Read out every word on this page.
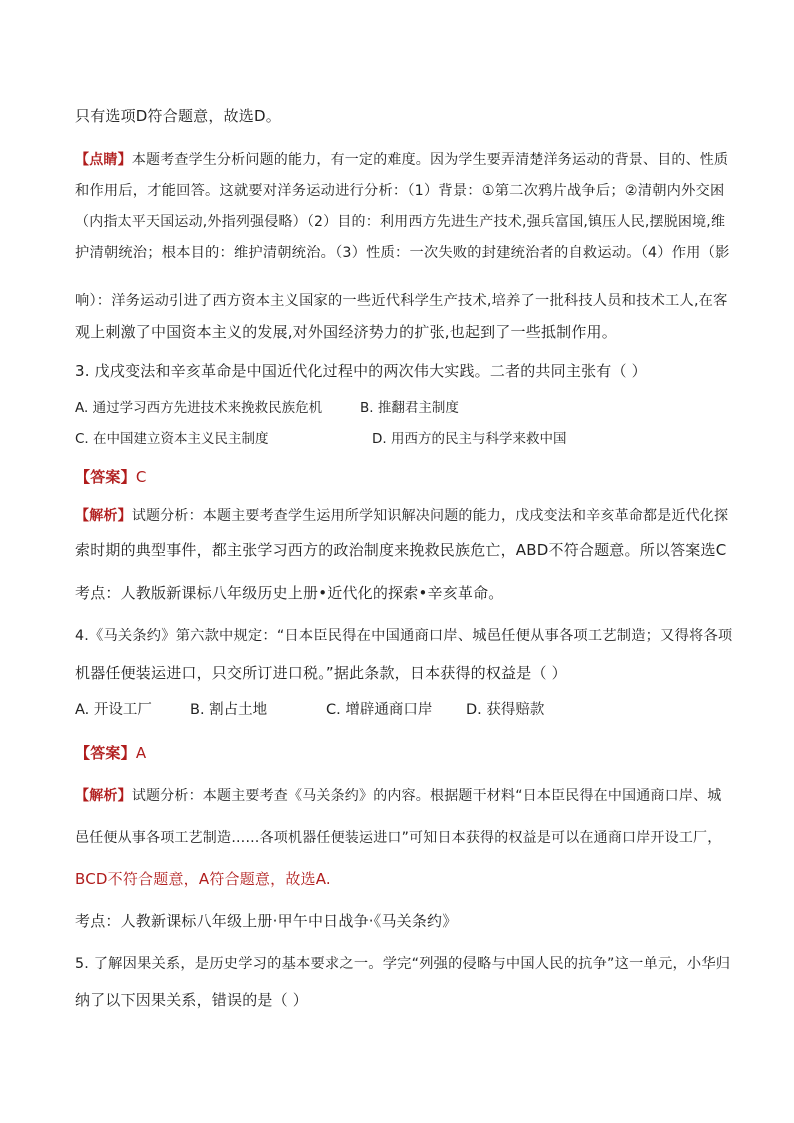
只有选项D符合题意，故选D。
【点睛】本题考查学生分析问题的能力，有一定的难度。因为学生要弄清楚洋务运动的背景、目的、性质
和作用后，才能回答。这就要对洋务运动进行分析：（1）背景：①第二次鸦片战争后；②清朝内外交困
（内指太平天国运动,外指列强侵略）（2）目的：利用西方先进生产技术,强兵富国,镇压人民,摆脱困境,维
护清朝统治；根本目的：维护清朝统治。（3）性质：一次失败的封建统治者的自救运动。（4）作用（影
响）：洋务运动引进了西方资本主义国家的一些近代科学生产技术,培养了一批科技人员和技术工人,在客
观上刺激了中国资本主义的发展,对外国经济势力的扩张,也起到了一些抵制作用。
3. 戊戌变法和辛亥革命是中国近代化过程中的两次伟大实践。二者的共同主张有（ ）
A. 通过学习西方先进技术来挽救民族危机	B. 推翻君主制度
C. 在中国建立资本主义民主制度	D. 用西方的民主与科学来救中国
【答案】C
【解析】试题分析：本题主要考查学生运用所学知识解决问题的能力，戊戌变法和辛亥革命都是近代化探
索时期的典型事件，都主张学习西方的政治制度来挽救民族危亡，ABD不符合题意。所以答案选C
考点：人教版新课标八年级历史上册•近代化的探索•辛亥革命。
4.《马关条约》第六款中规定：“日本臣民得在中国通商口岸、城邑任便从事各项工艺制造；又得将各项
机器任便装运进口，只交所订进口税。”据此条款，日本获得的权益是（ ）
A. 开设工厂	B. 割占土地	C. 增辟通商口岸 D. 获得赔款
【答案】A
【解析】试题分析：本题主要考查《马关条约》的内容。根据题干材料“日本臣民得在中国通商口岸、城
邑任便从事各项工艺制造……各项机器任便装运进口”可知日本获得的权益是可以在通商口岸开设工厂，
BCD不符合题意，A符合题意，故选A.
考点：人教新课标八年级上册·甲午中日战争·《马关条约》
5. 了解因果关系，是历史学习的基本要求之一。学完“列强的侵略与中国人民的抗争”这一单元，小华归
纳了以下因果关系，错误的是（ ）
